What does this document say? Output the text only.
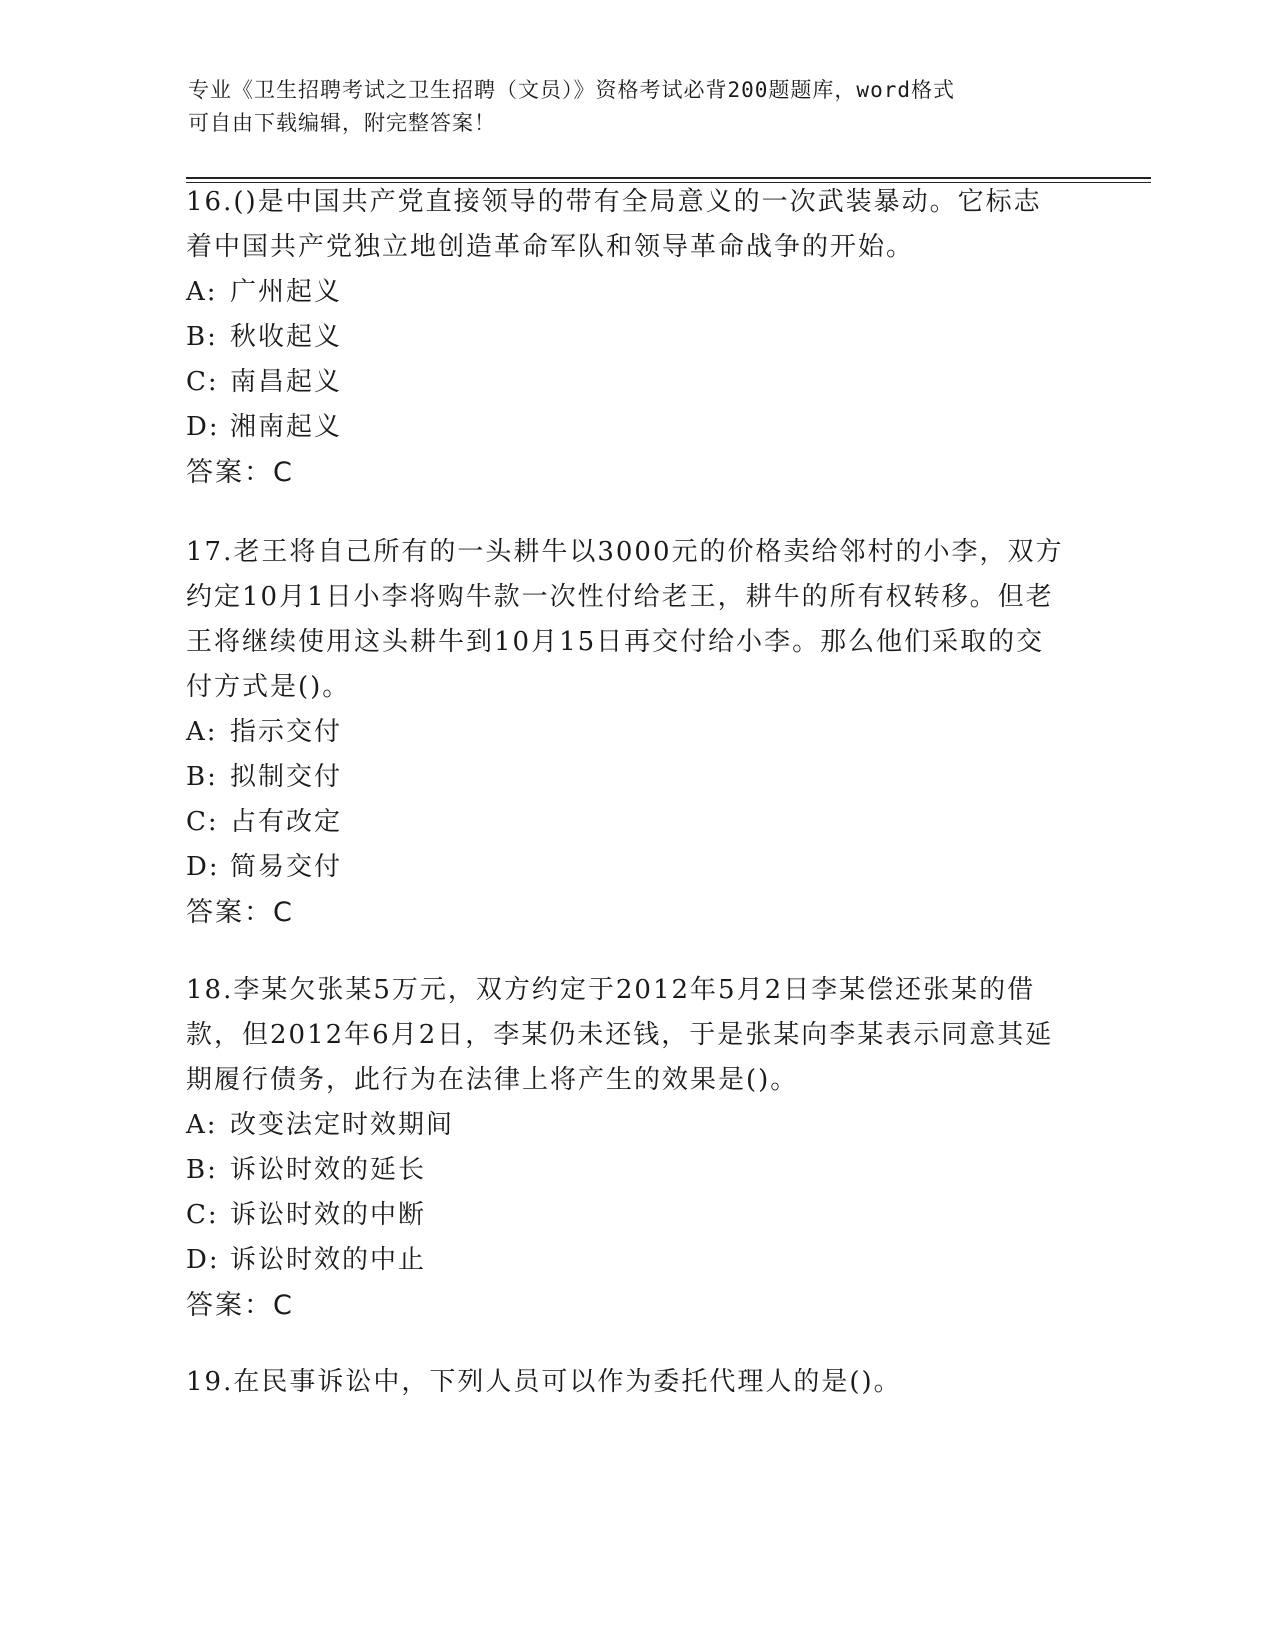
专业《卫生招聘考试之卫生招聘（文员）》资格考试必背200题题库，word格式
可自由下载编辑，附完整答案！

16.()是中国共产党直接领导的带有全局意义的一次武装暴动。它标志着中国共产党独立地创造革命军队和领导革命战争的开始。

A: 广州起义

B: 秋收起义

C: 南昌起义

D: 湘南起义

答案：C

17.老王将自己所有的一头耕牛以3000元的价格卖给邻村的小李，双方约定10月1日小李将购牛款一次性付给老王，耕牛的所有权转移。但老王将继续使用这头耕牛到10月15日再交付给小李。那么他们采取的交付方式是()。

A: 指示交付

B: 拟制交付

C: 占有改定

D: 简易交付

答案：C

18.李某欠张某5万元，双方约定于2012年5月2日李某偿还张某的借款，但2012年6月2日，李某仍未还钱，于是张某向李某表示同意其延期履行债务，此行为在法律上将产生的效果是()。

A: 改变法定时效期间

B: 诉讼时效的延长

C: 诉讼时效的中断

D: 诉讼时效的中止

答案：C

19.在民事诉讼中，下列人员可以作为委托代理人的是()。
